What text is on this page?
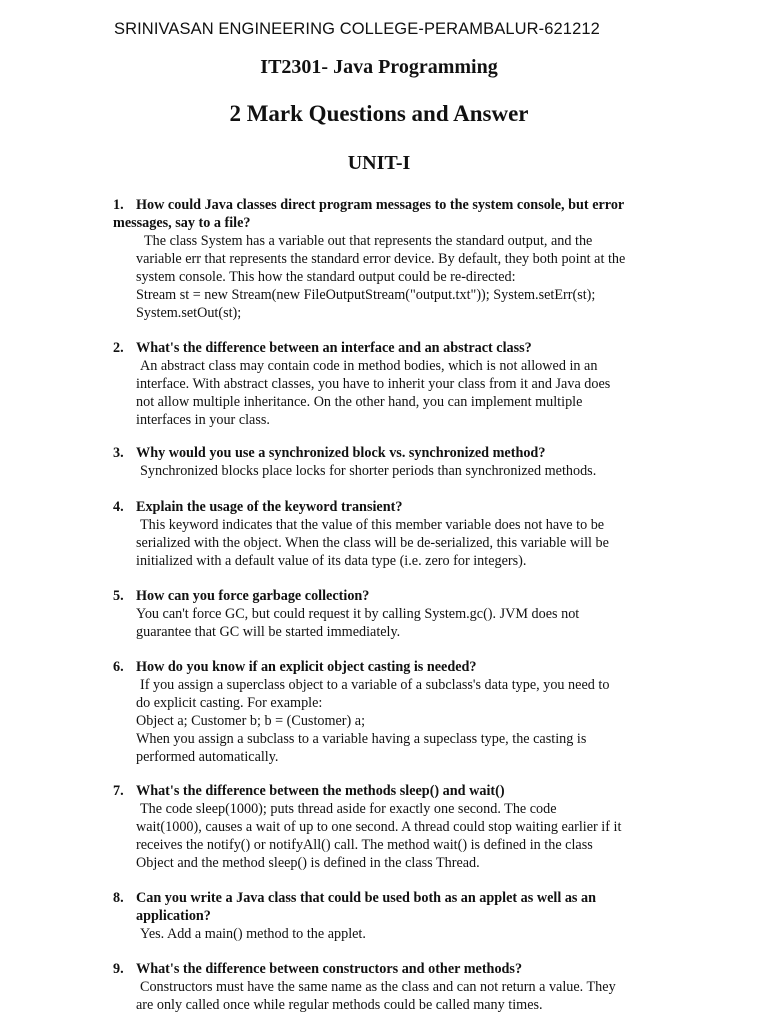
SRINIVASAN ENGINEERING COLLEGE-PERAMBALUR-621212
IT2301- Java Programming
2 Mark Questions and Answer
UNIT-I
1. How could Java classes direct program messages to the system console, but error messages, say to a file?
The class System has a variable out that represents the standard output, and the
variable err that represents the standard error device. By default, they both point at the
system console. This how the standard output could be re-directed:
Stream st = new Stream(new FileOutputStream("output.txt")); System.setErr(st);
System.setOut(st);
2. What's the difference between an interface and an abstract class?
An abstract class may contain code in method bodies, which is not allowed in an
interface. With abstract classes, you have to inherit your class from it and Java does
not allow multiple inheritance. On the other hand, you can implement multiple
interfaces in your class.
3. Why would you use a synchronized block vs. synchronized method?
Synchronized blocks place locks for shorter periods than synchronized methods.
4. Explain the usage of the keyword transient?
This keyword indicates that the value of this member variable does not have to be
serialized with the object. When the class will be de-serialized, this variable will be
initialized with a default value of its data type (i.e. zero for integers).
5. How can you force garbage collection?
You can't force GC, but could request it by calling System.gc(). JVM does not
guarantee that GC will be started immediately.
6. How do you know if an explicit object casting is needed?
If you assign a superclass object to a variable of a subclass's data type, you need to
do explicit casting. For example:
Object a; Customer b; b = (Customer) a;
When you assign a subclass to a variable having a supeclass type, the casting is
performed automatically.
7. What's the difference between the methods sleep() and wait()
The code sleep(1000); puts thread aside for exactly one second. The code
wait(1000), causes a wait of up to one second. A thread could stop waiting earlier if it
receives the notify() or notifyAll() call. The method wait() is defined in the class
Object and the method sleep() is defined in the class Thread.
8. Can you write a Java class that could be used both as an applet as well as an application?
Yes. Add a main() method to the applet.
9. What's the difference between constructors and other methods?
Constructors must have the same name as the class and can not return a value. They
are only called once while regular methods could be called many times.
